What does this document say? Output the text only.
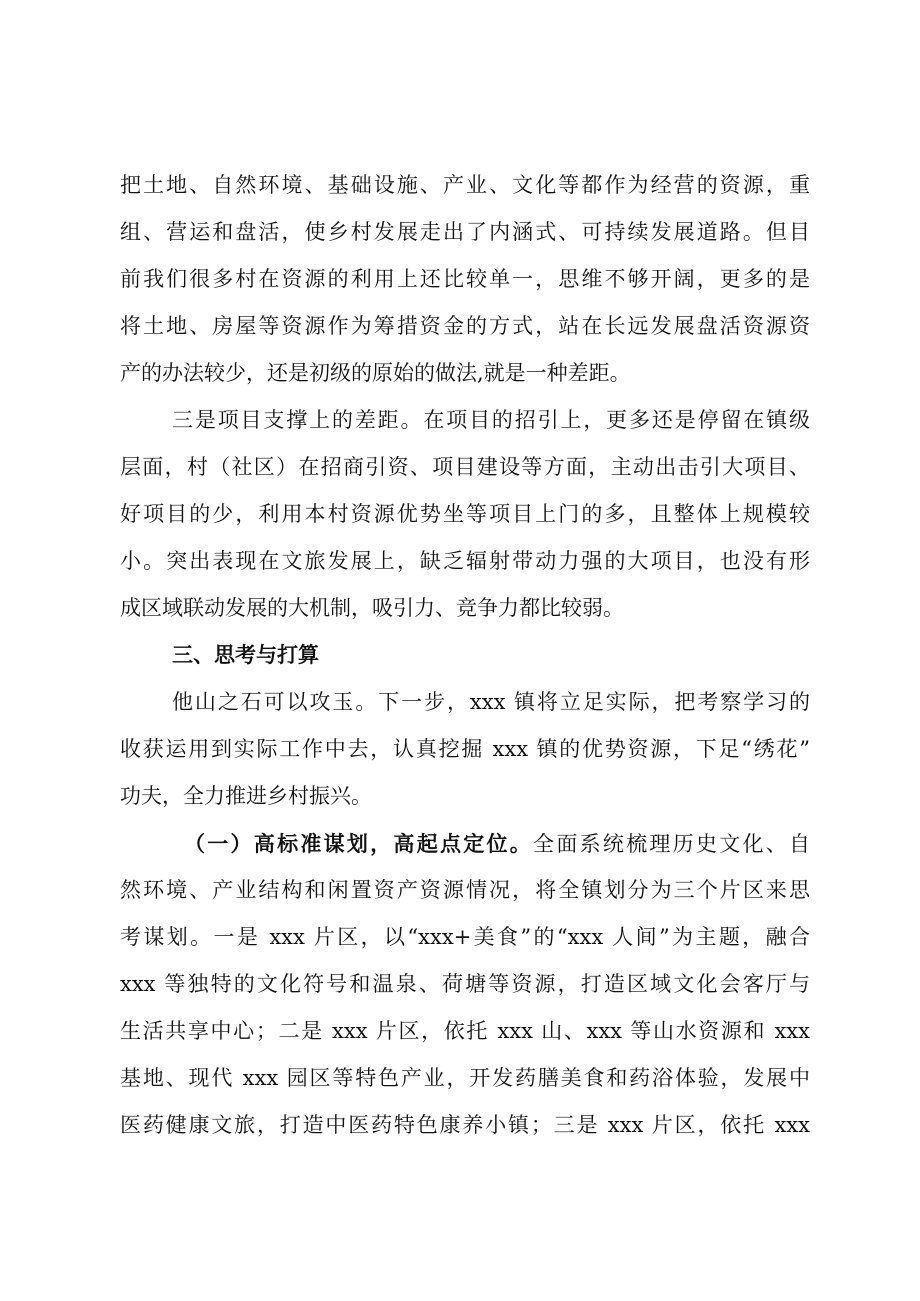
把土地、自然环境、基础设施、产业、文化等都作为经营的资源，重
组、营运和盘活，使乡村发展走出了内涵式、可持续发展道路。但目
前我们很多村在资源的利用上还比较单一，思维不够开阔，更多的是
将土地、房屋等资源作为筹措资金的方式，站在长远发展盘活资源资
产的办法较少，还是初级的原始的做法,就是一种差距。
三是项目支撑上的差距。在项目的招引上，更多还是停留在镇级
层面，村（社区）在招商引资、项目建设等方面，主动出击引大项目、
好项目的少，利用本村资源优势坐等项目上门的多，且整体上规模较
小。突出表现在文旅发展上，缺乏辐射带动力强的大项目，也没有形
成区域联动发展的大机制，吸引力、竞争力都比较弱。
三、思考与打算
他山之石可以攻玉。下一步，xxx 镇将立足实际，把考察学习的
收获运用到实际工作中去，认真挖掘 xxx 镇的优势资源，下足“绣花”
功夫，全力推进乡村振兴。
（一）高标准谋划，高起点定位。全面系统梳理历史文化、自
然环境、产业结构和闲置资产资源情况，将全镇划分为三个片区来思
考谋划。一是 xxx 片区，以“xxx+美食”的“xxx 人间”为主题，融合
xxx 等独特的文化符号和温泉、荷塘等资源，打造区域文化会客厅与
生活共享中心；二是 xxx 片区，依托 xxx 山、xxx 等山水资源和 xxx
基地、现代 xxx 园区等特色产业，开发药膳美食和药浴体验，发展中
医药健康文旅，打造中医药特色康养小镇；三是 xxx 片区，依托 xxx
